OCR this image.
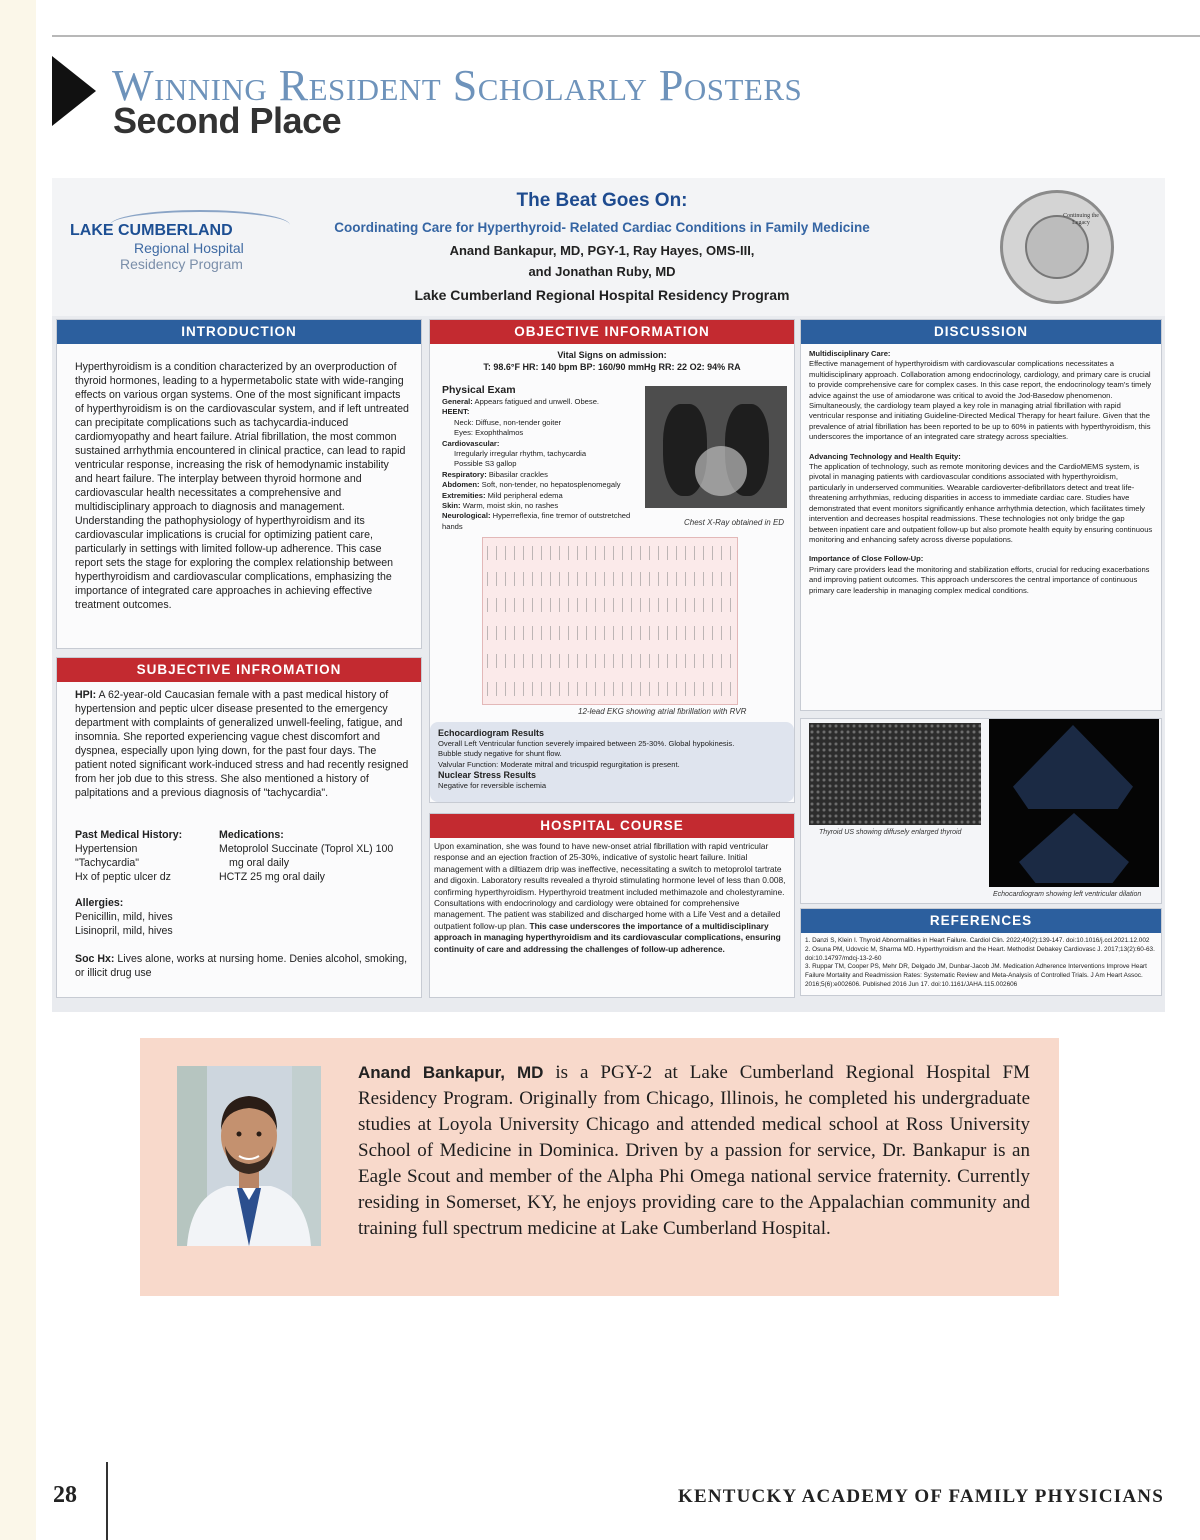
Winning Resident Scholarly Posters
Second Place
LAKE CUMBERLAND
Regional Hospital
Residency Program
The Beat Goes On:
Coordinating Care for Hyperthyroid- Related Cardiac Conditions in Family Medicine
Anand Bankapur, MD, PGY-1, Ray Hayes, OMS-III,
and Jonathan Ruby, MD
Lake Cumberland Regional Hospital Residency Program
Continuing the Legacy
INTRODUCTION
Hyperthyroidism is a condition characterized by an overproduction of thyroid hormones, leading to a hypermetabolic state with wide-ranging effects on various organ systems. One of the most significant impacts of hyperthyroidism is on the cardiovascular system, and if left untreated can precipitate complications such as tachycardia-induced cardiomyopathy and heart failure. Atrial fibrillation, the most common sustained arrhythmia encountered in clinical practice, can lead to rapid ventricular response, increasing the risk of hemodynamic instability and heart failure. The interplay between thyroid hormone and cardiovascular health necessitates a comprehensive and multidisciplinary approach to diagnosis and management. Understanding the pathophysiology of hyperthyroidism and its cardiovascular implications is crucial for optimizing patient care, particularly in settings with limited follow-up adherence. This case report sets the stage for exploring the complex relationship between hyperthyroidism and cardiovascular complications, emphasizing the importance of integrated care approaches in achieving effective treatment outcomes.
SUBJECTIVE INFROMATION
HPI: A 62-year-old Caucasian female with a past medical history of hypertension and peptic ulcer disease presented to the emergency department with complaints of generalized unwell-feeling, fatigue, and insomnia. She reported experiencing vague chest discomfort and dyspnea, especially upon lying down, for the past four days. The patient noted significant work-induced stress and had recently resigned from her job due to this stress. She also mentioned a history of palpitations and a previous diagnosis of "tachycardia".
Past Medical History:
Hypertension
"Tachycardia"
Hx of peptic ulcer dz
Medications:
Metoprolol Succinate (Toprol XL) 100
mg oral daily
HCTZ 25 mg oral daily
Allergies:
Penicillin, mild, hives
Lisinopril, mild, hives
Soc Hx: Lives alone, works at nursing home. Denies alcohol, smoking, or illicit drug use
OBJECTIVE INFORMATION
Vital Signs on admission:
T: 98.6°F HR: 140 bpm BP: 160/90 mmHg RR: 22 O2: 94% RA
Physical Exam
General: Appears fatigued and unwell. Obese.
HEENT:
Neck: Diffuse, non-tender goiter
Eyes: Exophthalmos
Cardiovascular:
Irregularly irregular rhythm, tachycardia
Possible S3 gallop
Respiratory: Bibasilar crackles
Abdomen: Soft, non-tender, no hepatosplenomegaly
Extremities: Mild peripheral edema
Skin: Warm, moist skin, no rashes
Neurological: Hyperreflexia, fine tremor of outstretched hands	Chest X-Ray obtained in ED
12-lead EKG showing atrial fibrillation with RVR
Echocardiogram Results
Overall Left Ventricular function severely impaired between 25-30%. Global hypokinesis.
Bubble study negative for shunt flow.
Valvular Function: Moderate mitral and tricuspid regurgitation is present.
Nuclear Stress Results
Negative for reversible ischemia
HOSPITAL COURSE
Upon examination, she was found to have new-onset atrial fibrillation with rapid ventricular response and an ejection fraction of 25-30%, indicative of systolic heart failure. Initial management with a diltiazem drip was ineffective, necessitating a switch to metoprolol tartrate and digoxin. Laboratory results revealed a thyroid stimulating hormone level of less than 0.008, confirming hyperthyroidism. Hyperthyroid treatment included methimazole and cholestyramine. Consultations with endocrinology and cardiology were obtained for comprehensive management. The patient was stabilized and discharged home with a Life Vest and a detailed outpatient follow-up plan. This case underscores the importance of a multidisciplinary approach in managing hyperthyroidism and its cardiovascular complications, ensuring continuity of care and addressing the challenges of follow-up adherence.
DISCUSSION
Multidisciplinary Care:
Effective management of hyperthyroidism with cardiovascular complications necessitates a multidisciplinary approach. Collaboration among endocrinology, cardiology, and primary care is crucial to provide comprehensive care for complex cases. In this case report, the endocrinology team's timely advice against the use of amiodarone was critical to avoid the Jod-Basedow phenomenon. Simultaneously, the cardiology team played a key role in managing atrial fibrillation with rapid ventricular response and initiating Guideline-Directed Medical Therapy for heart failure. Given that the prevalence of atrial fibrillation has been reported to be up to 60% in patients with hyperthyroidism, this underscores the importance of an integrated care strategy across specialties.
Advancing Technology and Health Equity:
The application of technology, such as remote monitoring devices and the CardioMEMS system, is pivotal in managing patients with cardiovascular conditions associated with hyperthyroidism, particularly in underserved communities. Wearable cardioverter-defibrillators detect and treat life-threatening arrhythmias, reducing disparities in access to immediate cardiac care. Studies have demonstrated that event monitors significantly enhance arrhythmia detection, which facilitates timely intervention and decreases hospital readmissions. These technologies not only bridge the gap between inpatient care and outpatient follow-up but also promote health equity by ensuring continuous monitoring and enhancing safety across diverse populations.
Importance of Close Follow-Up:
Primary care providers lead the monitoring and stabilization efforts, crucial for reducing exacerbations and improving patient outcomes. This approach underscores the central importance of continuous primary care leadership in managing complex medical conditions.
Thyroid US showing diffusely enlarged thyroid
Echocardiogram showing left ventricular dilation
REFERENCES
1. Danzi S, Klein I. Thyroid Abnormalities in Heart Failure. Cardiol Clin. 2022;40(2):139-147. doi:10.1016/j.ccl.2021.12.002
2. Osuna PM, Udovcic M, Sharma MD. Hyperthyroidism and the Heart. Methodist Debakey Cardiovasc J. 2017;13(2):60-63. doi:10.14797/mdcj-13-2-60
3. Ruppar TM, Cooper PS, Mehr DR, Delgado JM, Dunbar-Jacob JM. Medication Adherence Interventions Improve Heart Failure Mortality and Readmission Rates: Systematic Review and Meta-Analysis of Controlled Trials. J Am Heart Assoc. 2016;5(6):e002606. Published 2016 Jun 17. doi:10.1161/JAHA.115.002606
Anand Bankapur, MD is a PGY-2 at Lake Cumberland Regional Hospital FM Residency Program. Originally from Chicago, Illinois, he completed his undergraduate studies at Loyola University Chicago and attended medical school at Ross University School of Medicine in Dominica. Driven by a passion for service, Dr. Bankapur is an Eagle Scout and member of the Alpha Phi Omega national service fraternity. Currently residing in Somerset, KY, he enjoys providing care to the Appalachian community and training full spectrum medicine at Lake Cumberland Hospital.
28	KENTUCKY ACADEMY OF FAMILY PHYSICIANS
